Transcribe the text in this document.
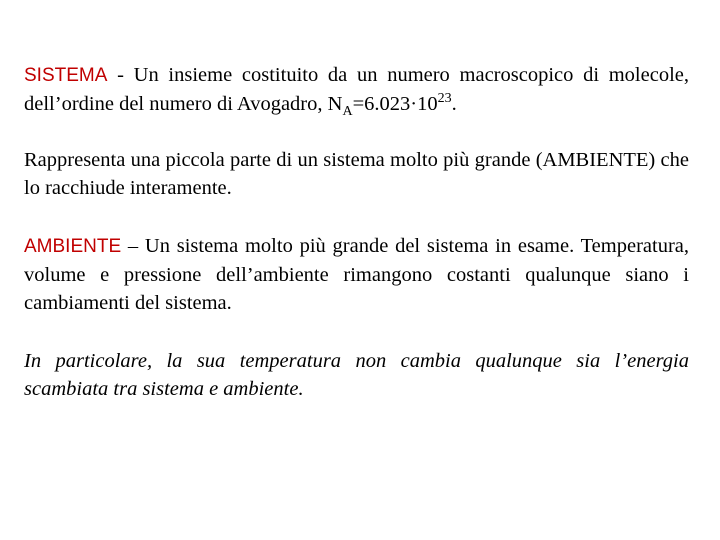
SISTEMA - Un insieme costituito da un numero macroscopico di molecole, dell’ordine del numero di Avogadro, $N_A=6.023\cdot 10^{23}$.

Rappresenta una piccola parte di un sistema molto più grande (AMBIENTE) che lo racchiude interamente.

AMBIENTE – Un sistema molto più grande del sistema in esame. Temperatura, volume e pressione dell’ambiente rimangono costanti qualunque siano i cambiamenti del sistema.

In particolare, la sua temperatura non cambia qualunque sia l’energia scambiata tra sistema e ambiente.
